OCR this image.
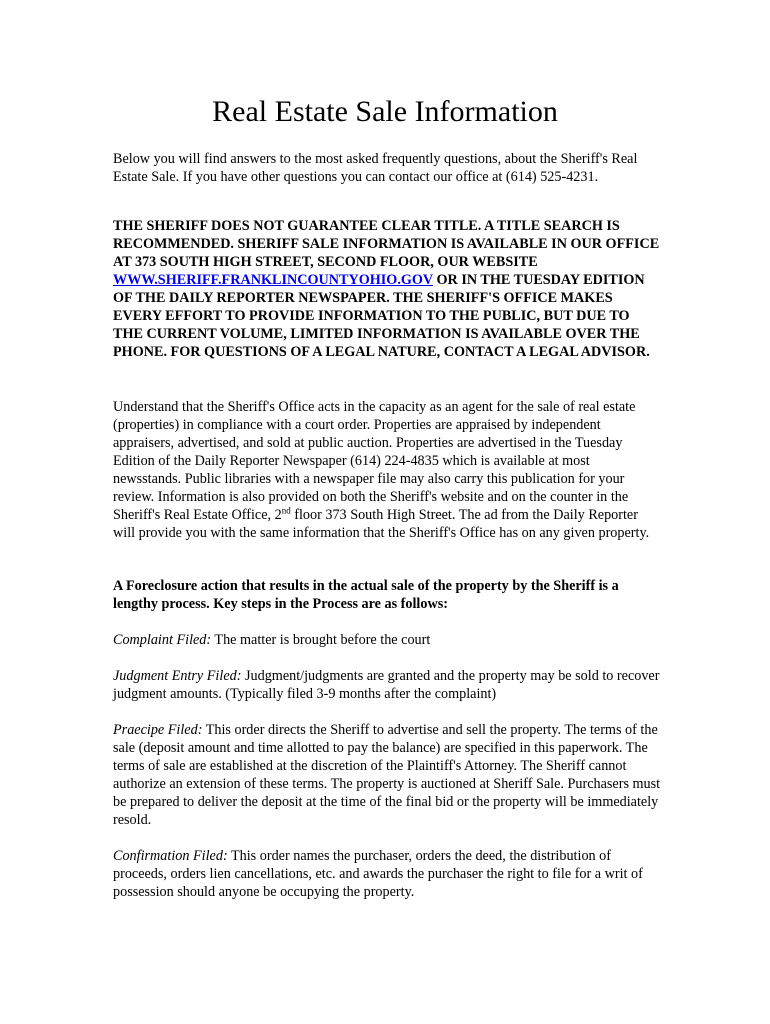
Real Estate Sale Information

Below you will find answers to the most asked frequently questions, about the Sheriff's Real Estate Sale. If you have other questions you can contact our office at (614) 525-4231.

THE SHERIFF DOES NOT GUARANTEE CLEAR TITLE. A TITLE SEARCH IS RECOMMENDED. SHERIFF SALE INFORMATION IS AVAILABLE IN OUR OFFICE AT 373 SOUTH HIGH STREET, SECOND FLOOR, OUR WEBSITE WWW.SHERIFF.FRANKLINCOUNTYOHIO.GOV OR IN THE TUESDAY EDITION OF THE DAILY REPORTER NEWSPAPER. THE SHERIFF'S OFFICE MAKES EVERY EFFORT TO PROVIDE INFORMATION TO THE PUBLIC, BUT DUE TO THE CURRENT VOLUME, LIMITED INFORMATION IS AVAILABLE OVER THE PHONE. FOR QUESTIONS OF A LEGAL NATURE, CONTACT A LEGAL ADVISOR.

Understand that the Sheriff's Office acts in the capacity as an agent for the sale of real estate (properties) in compliance with a court order. Properties are appraised by independent appraisers, advertised, and sold at public auction. Properties are advertised in the Tuesday Edition of the Daily Reporter Newspaper (614) 224-4835 which is available at most newsstands. Public libraries with a newspaper file may also carry this publication for your review. Information is also provided on both the Sheriff's website and on the counter in the Sheriff's Real Estate Office, 2nd floor 373 South High Street. The ad from the Daily Reporter will provide you with the same information that the Sheriff's Office has on any given property.

A Foreclosure action that results in the actual sale of the property by the Sheriff is a lengthy process. Key steps in the Process are as follows:

Complaint Filed: The matter is brought before the court

Judgment Entry Filed: Judgment/judgments are granted and the property may be sold to recover judgment amounts. (Typically filed 3-9 months after the complaint)

Praecipe Filed: This order directs the Sheriff to advertise and sell the property. The terms of the sale (deposit amount and time allotted to pay the balance) are specified in this paperwork. The terms of sale are established at the discretion of the Plaintiff's Attorney. The Sheriff cannot authorize an extension of these terms. The property is auctioned at Sheriff Sale. Purchasers must be prepared to deliver the deposit at the time of the final bid or the property will be immediately resold.

Confirmation Filed: This order names the purchaser, orders the deed, the distribution of proceeds, orders lien cancellations, etc. and awards the purchaser the right to file for a writ of possession should anyone be occupying the property.
